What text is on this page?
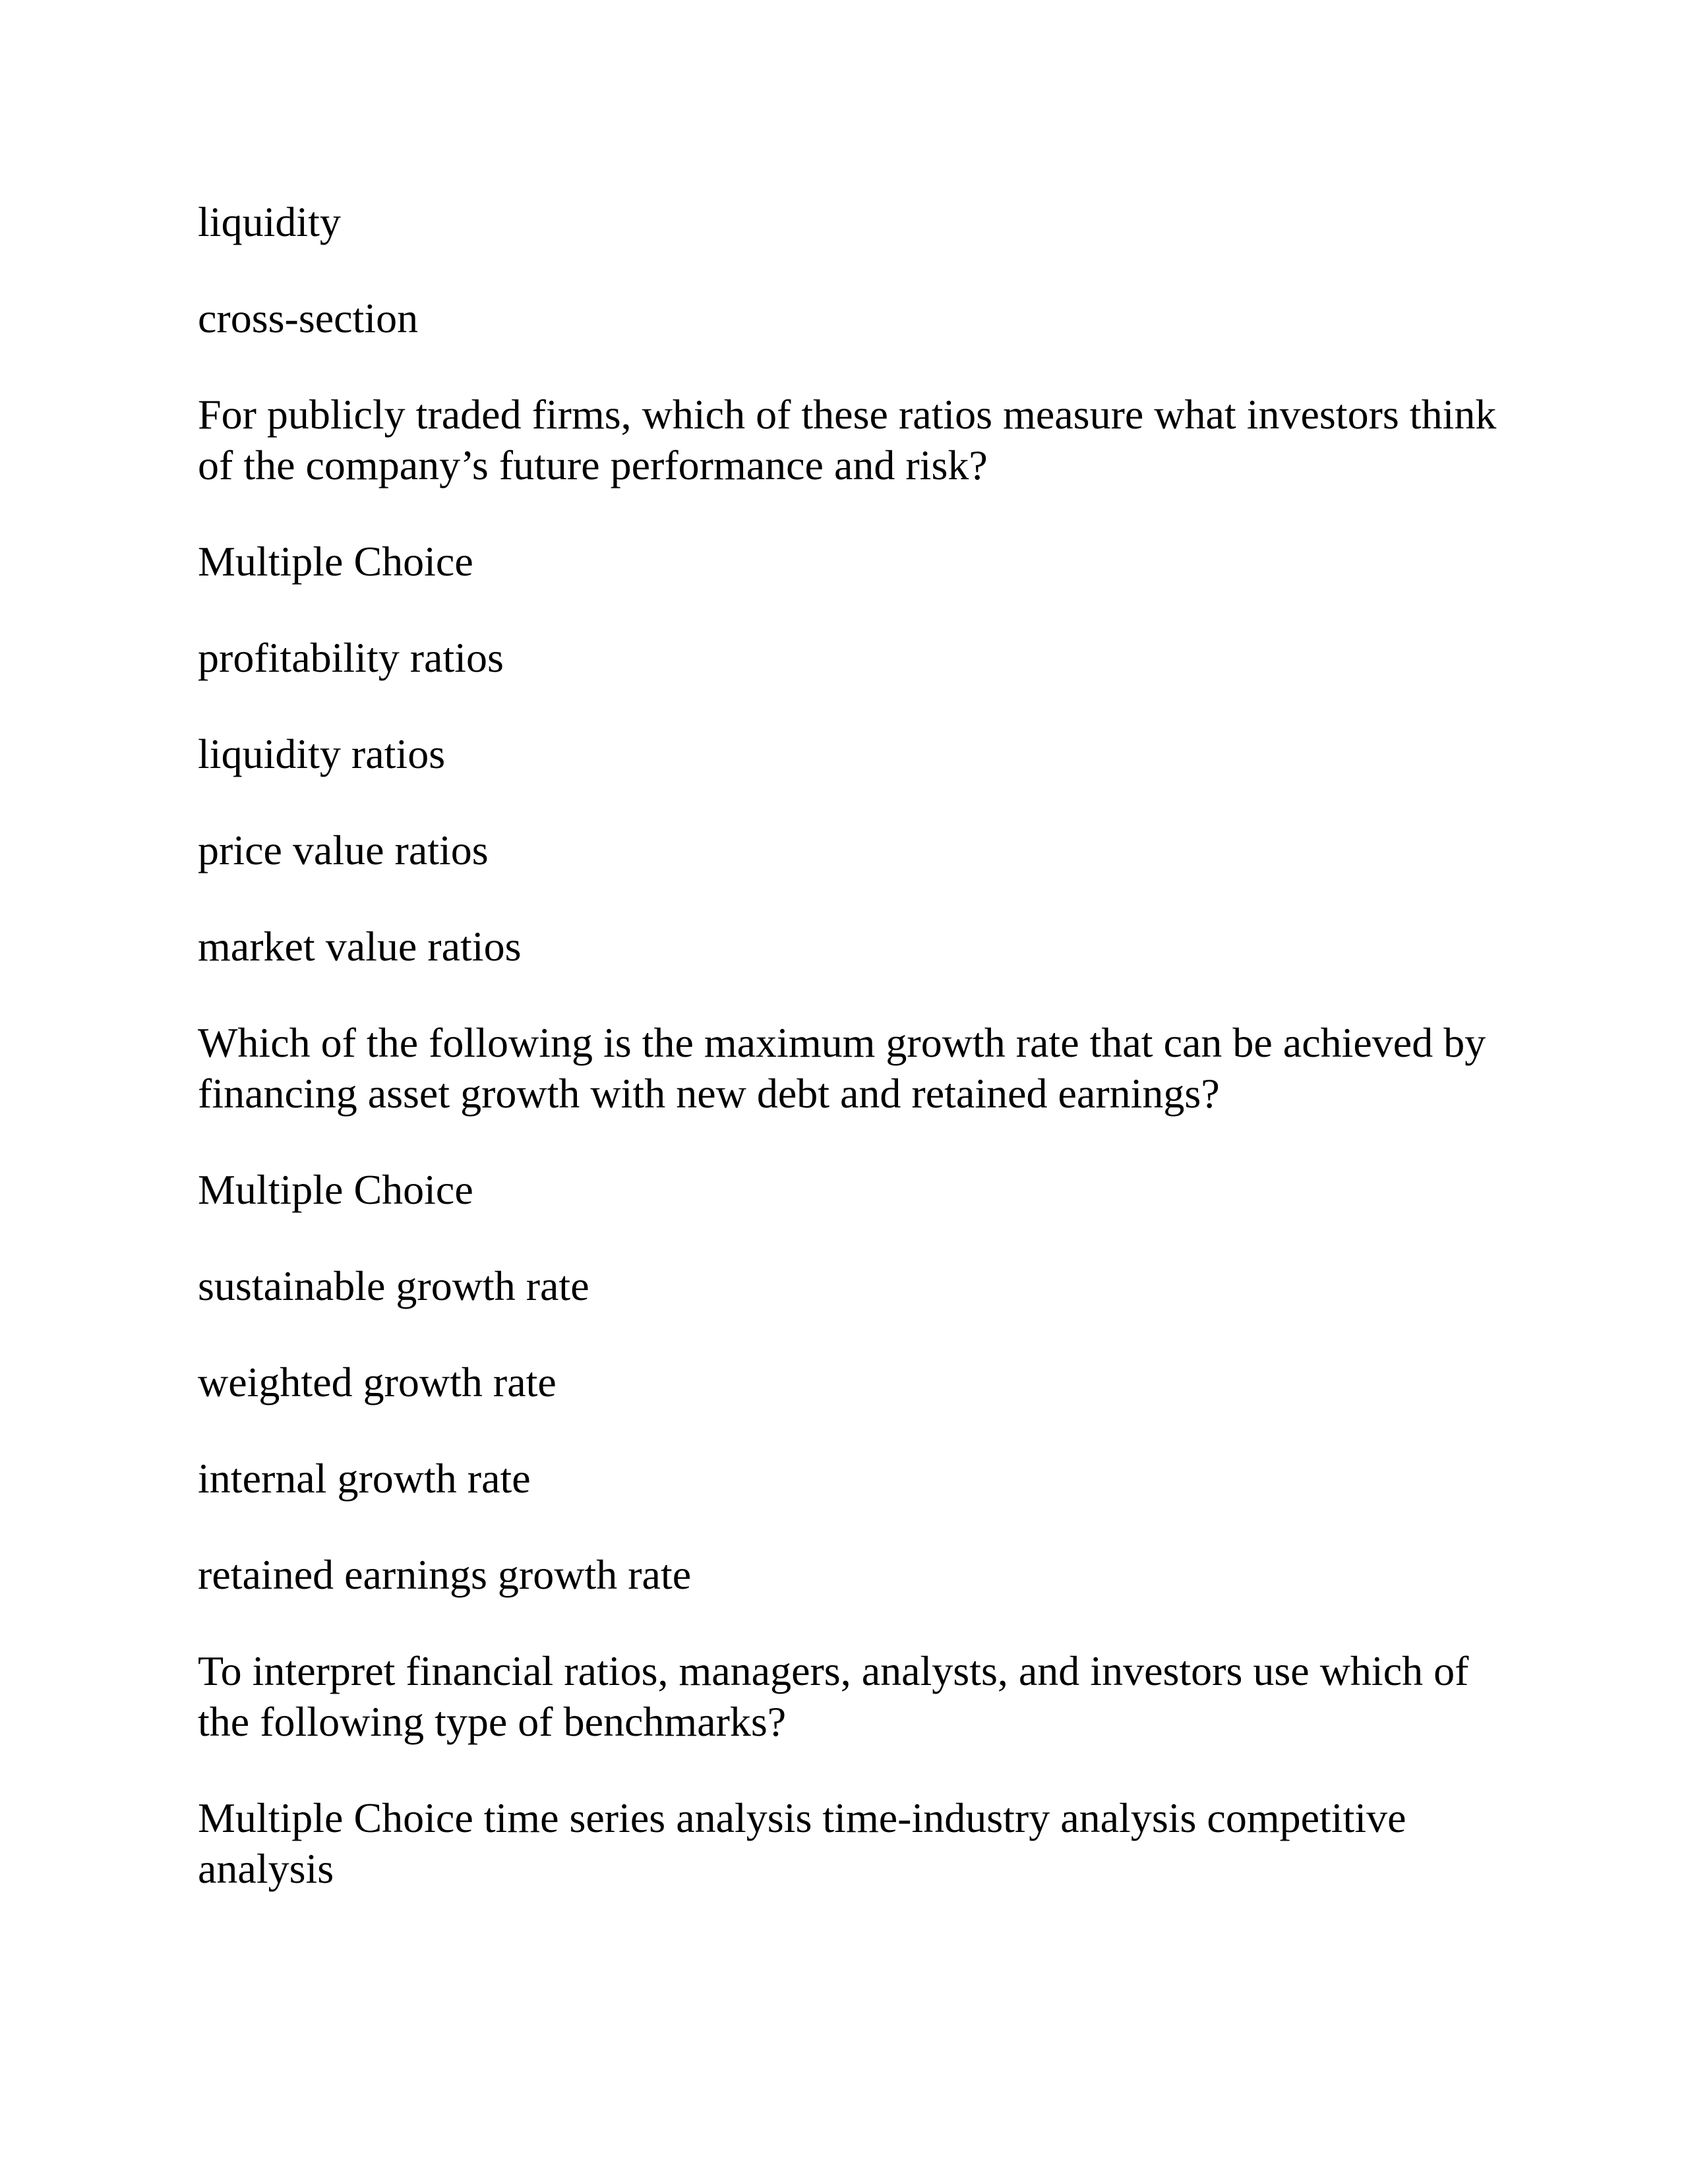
liquidity

cross-section

For publicly traded firms, which of these ratios measure what investors think of the company’s future performance and risk?

Multiple Choice

profitability ratios

liquidity ratios

price value ratios

market value ratios

Which of the following is the maximum growth rate that can be achieved by financing asset growth with new debt and retained earnings?

Multiple Choice

sustainable growth rate

weighted growth rate

internal growth rate

retained earnings growth rate

To interpret financial ratios, managers, analysts, and investors use which of the following type of benchmarks?

Multiple Choice time series analysis time-industry analysis competitive analysis
